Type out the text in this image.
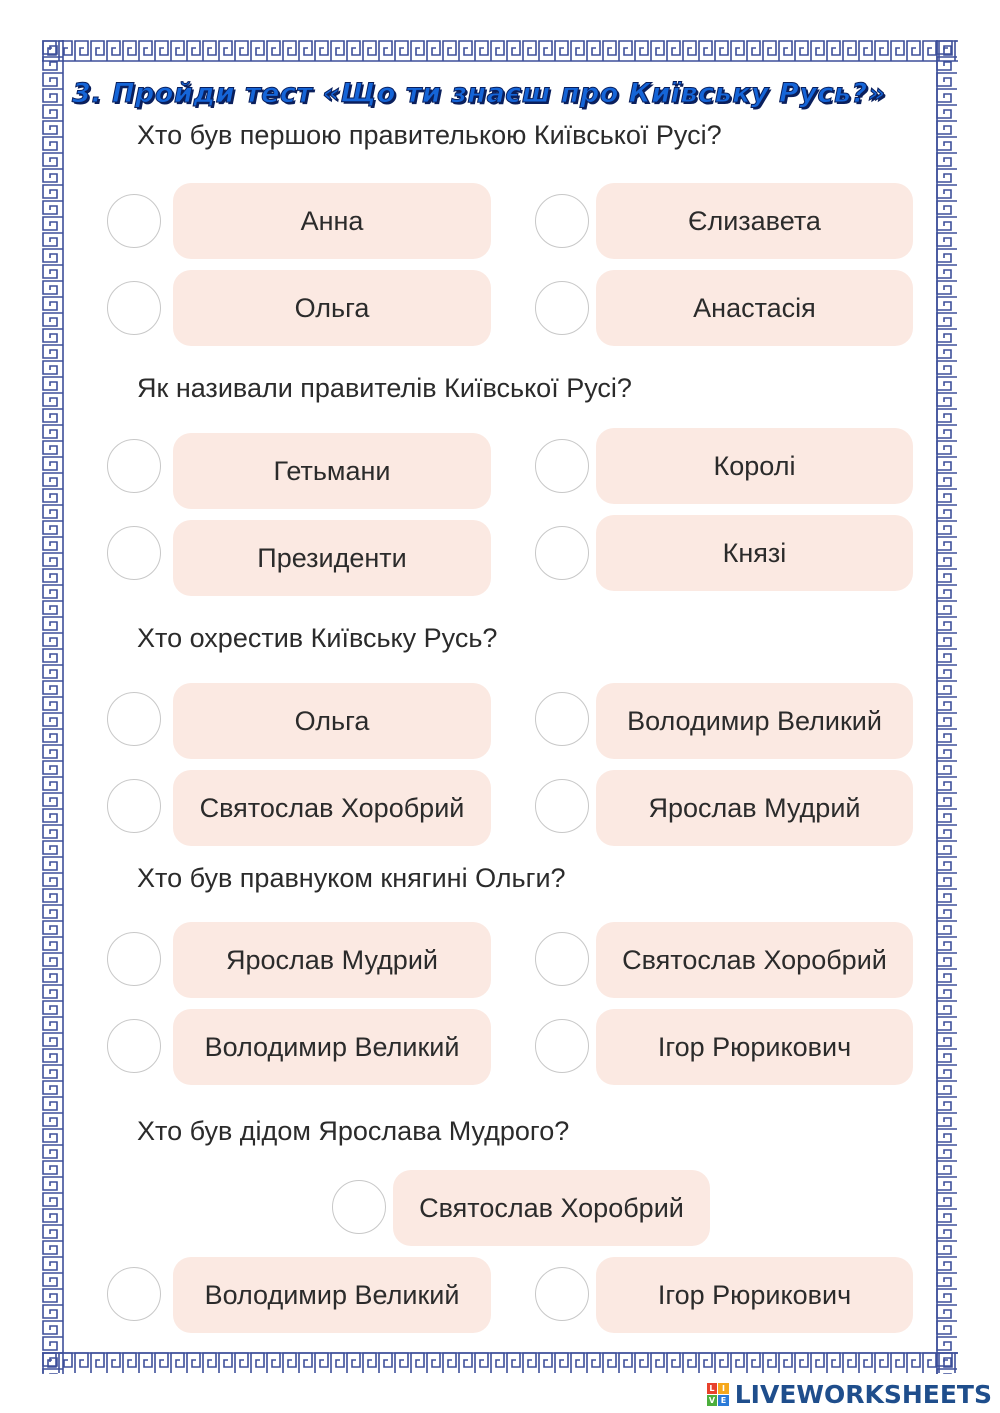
3. Пройди тест «Що ти знаєш про Київську Русь?»
Хто був першою правителькою Київської Русі?
Анна	Єлизавета
Ольга	Анастасія
Як називали правителів Київської Русі?
Гетьмани	Королі
Президенти	Князі
Хто охрестив Київську Русь?
Ольга	Володимир Великий
Святослав Хоробрий	Ярослав Мудрий
Хто був правнуком княгині Ольги?
Ярослав Мудрий	Святослав Хоробрий
Володимир Великий	Ігор Рюрикович
Хто був дідом Ярослава Мудрого?
Святослав Хоробрий
Володимир Великий	Ігор Рюрикович
L I
V E LIVEWORKSHEETS
